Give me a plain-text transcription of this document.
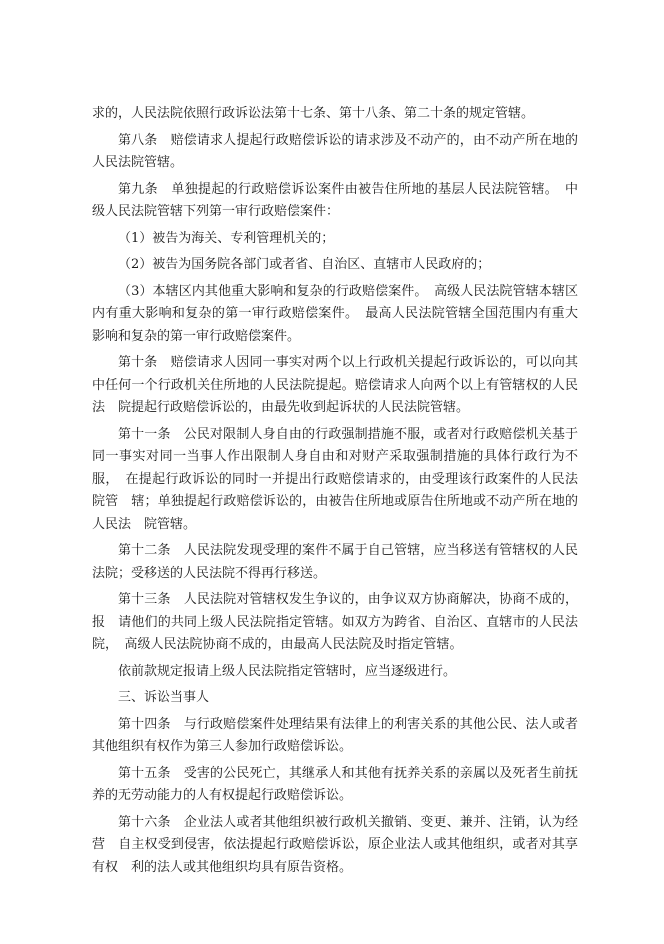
求的，人民法院依照行政诉讼法第十七条、第十八条、第二十条的规定管辖。

第八条　赔偿请求人提起行政赔偿诉讼的请求涉及不动产的，由不动产所在地的人民法院管辖。

第九条　单独提起的行政赔偿诉讼案件由被告住所地的基层人民法院管辖。　中级人民法院管辖下列第一审行政赔偿案件：

（1）被告为海关、专利管理机关的；

（2）被告为国务院各部门或者省、自治区、直辖市人民政府的；

（3）本辖区内其他重大影响和复杂的行政赔偿案件。　高级人民法院管辖本辖区内有重大影响和复杂的第一审行政赔偿案件。　最高人民法院管辖全国范围内有重大影响和复杂的第一审行政赔偿案件。

第十条　赔偿请求人因同一事实对两个以上行政机关提起行政诉讼的，可以向其中任何一个行政机关住所地的人民法院提起。赔偿请求人向两个以上有管辖权的人民法　院提起行政赔偿诉讼的，由最先收到起诉状的人民法院管辖。

第十一条　公民对限制人身自由的行政强制措施不服，或者对行政赔偿机关基于同一事实对同一当事人作出限制人身自由和对财产采取强制措施的具体行政行为不服，　在提起行政诉讼的同时一并提出行政赔偿请求的，由受理该行政案件的人民法院管　辖；单独提起行政赔偿诉讼的，由被告住所地或原告住所地或不动产所在地的人民法　院管辖。

第十二条　人民法院发现受理的案件不属于自己管辖，应当移送有管辖权的人民法院；受移送的人民法院不得再行移送。

第十三条　人民法院对管辖权发生争议的，由争议双方协商解决，协商不成的，报　请他们的共同上级人民法院指定管辖。如双方为跨省、自治区、直辖市的人民法院，　高级人民法院协商不成的，由最高人民法院及时指定管辖。

依前款规定报请上级人民法院指定管辖时，应当逐级进行。

三、诉讼当事人

第十四条　与行政赔偿案件处理结果有法律上的利害关系的其他公民、法人或者其他组织有权作为第三人参加行政赔偿诉讼。

第十五条　受害的公民死亡，其继承人和其他有抚养关系的亲属以及死者生前抚养的无劳动能力的人有权提起行政赔偿诉讼。

第十六条　企业法人或者其他组织被行政机关撤销、变更、兼并、注销，认为经营　自主权受到侵害，依法提起行政赔偿诉讼，原企业法人或其他组织，或者对其享有权　利的法人或其他组织均具有原告资格。
